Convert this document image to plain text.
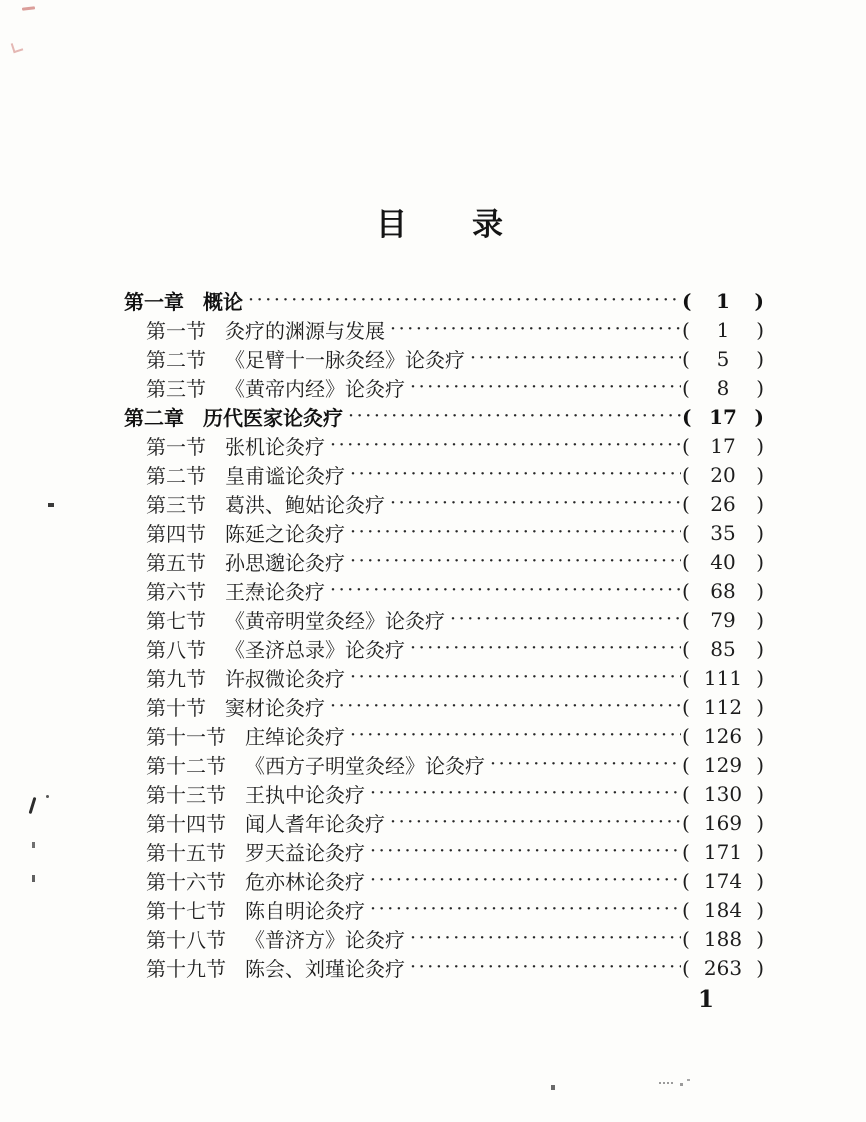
目　　录
第一章 概论 ·····	(	1	)
第一节 灸疗的渊源与发展 ·····	(	1	)
第二节 《足臂十一脉灸经》论灸疗 ·····	(	5	)
第三节 《黄帝内经》论灸疗 ·····	(	8	)
第二章 历代医家论灸疗 ·····	( 17 )
第一节 张机论灸疗 ·····	(	17	)
第二节 皇甫谧论灸疗 ·····	(	20	)
第三节 葛洪、鲍姑论灸疗 ·····	(	26	)
第四节 陈延之论灸疗 ·····	(	35	)
第五节 孙思邈论灸疗 ·····	(	40	)
第六节 王焘论灸疗 ·····	(	68	)
第七节 《黄帝明堂灸经》论灸疗 ·····	(	79	)
第八节 《圣济总录》论灸疗 ·····	(	85	)
第九节 许叔微论灸疗 ·····	( 111 )
第十节 窦材论灸疗 ·····	( 112 )
第十一节 庄绰论灸疗 ·····	( 126 )
第十二节 《西方子明堂灸经》论灸疗 ·····	( 129 )
第十三节 王执中论灸疗 ·····	( 130 )
第十四节 闻人耆年论灸疗 ·····	( 169 )
第十五节 罗天益论灸疗 ·····	( 171 )
第十六节 危亦林论灸疗 ·····	( 174 )
第十七节 陈自明论灸疗 ·····	( 184 )
第十八节 《普济方》论灸疗 ·····	( 188 )
第十九节 陈会、刘瑾论灸疗 ·····	( 263 )
1
